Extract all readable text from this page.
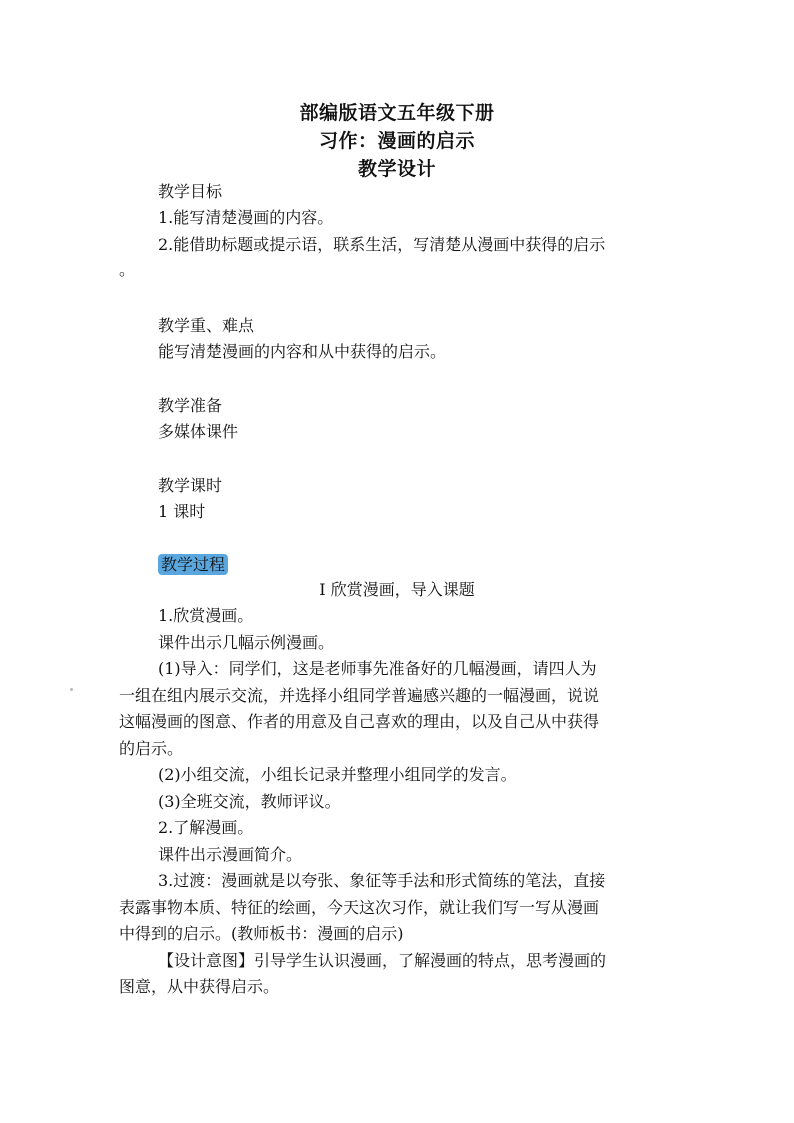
部编版语文五年级下册
习作：漫画的启示
教学设计
教学目标
1.能写清楚漫画的内容。
2.能借助标题或提示语，联系生活，写清楚从漫画中获得的启示
。
教学重、难点
能写清楚漫画的内容和从中获得的启示。
教学准备
多媒体课件
教学课时
1 课时
教学过程
Ⅰ 欣赏漫画，导入课题
1.欣赏漫画。
课件出示几幅示例漫画。
(1)导入：同学们，这是老师事先准备好的几幅漫画，请四人为
一组在组内展示交流，并选择小组同学普遍感兴趣的一幅漫画，说说
这幅漫画的图意、作者的用意及自己喜欢的理由，以及自己从中获得
的启示。
(2)小组交流，小组长记录并整理小组同学的发言。
(3)全班交流，教师评议。
2.了解漫画。
课件出示漫画简介。
3.过渡：漫画就是以夸张、象征等手法和形式简练的笔法，直接
表露事物本质、特征的绘画，今天这次习作，就让我们写一写从漫画
中得到的启示。(教师板书：漫画的启示)
【设计意图】引导学生认识漫画，了解漫画的特点，思考漫画的
图意，从中获得启示。
